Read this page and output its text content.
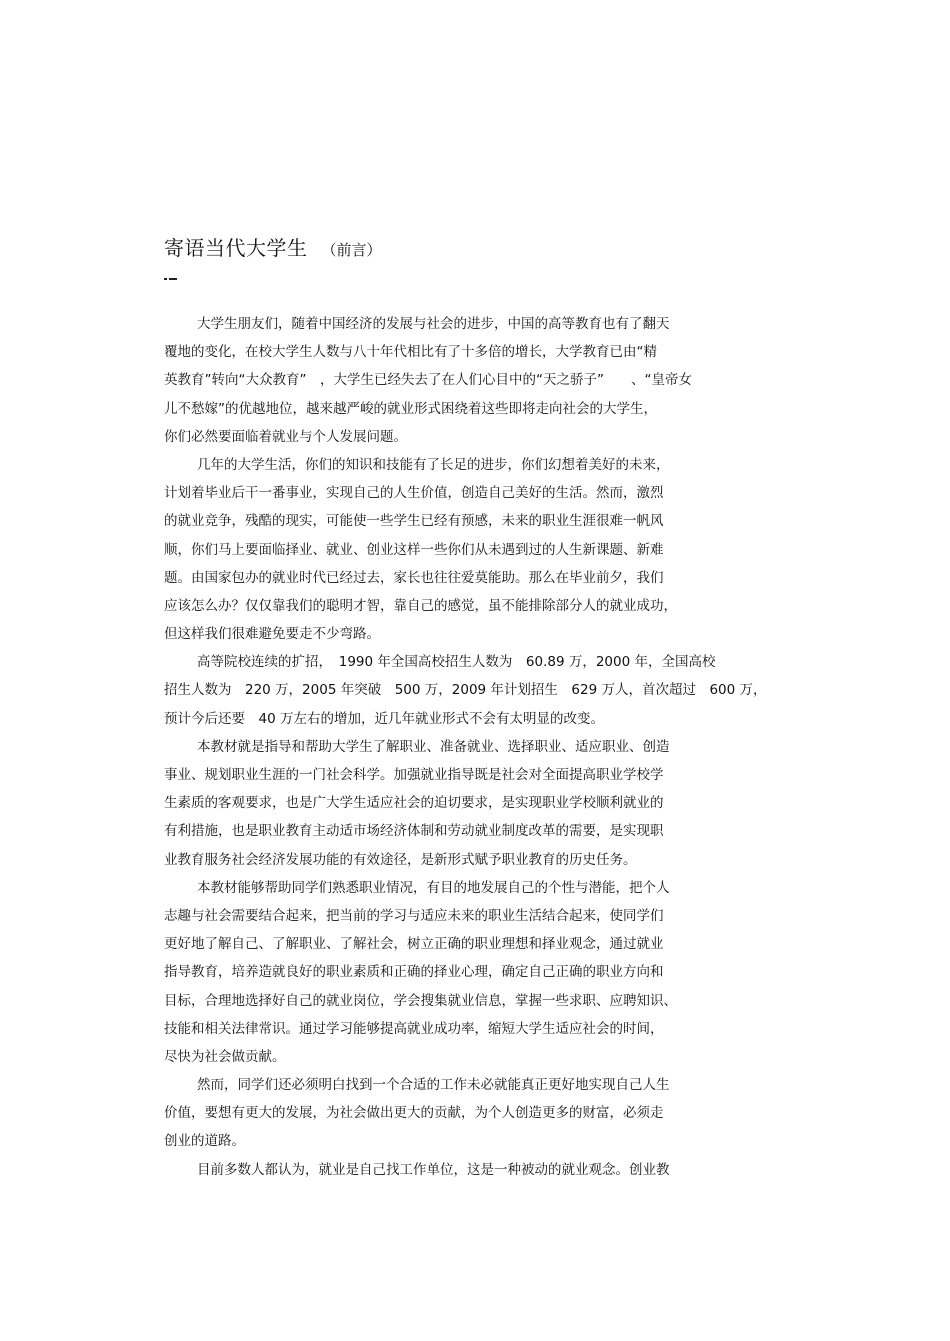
寄语当代大学生 （前言）
大学生朋友们，随着中国经济的发展与社会的进步，中国的高等教育也有了翻天
覆地的变化，在校大学生人数与八十年代相比有了十多倍的增长，大学教育已由“精
英教育”转向“大众教育”　，大学生已经失去了在人们心目中的“天之骄子”　　、“皇帝女
儿不愁嫁”的优越地位，越来越严峻的就业形式困绕着这些即将走向社会的大学生，
你们必然要面临着就业与个人发展问题。
几年的大学生活，你们的知识和技能有了长足的进步，你们幻想着美好的未来，
计划着毕业后干一番事业，实现自己的人生价值，创造自己美好的生活。然而，激烈
的就业竞争，残酷的现实，可能使一些学生已经有预感，未来的职业生涯很难一帆风
顺，你们马上要面临择业、就业、创业这样一些你们从未遇到过的人生新课题、新难
题。由国家包办的就业时代已经过去，家长也往往爱莫能助。那么在毕业前夕，我们
应该怎么办？仅仅靠我们的聪明才智，靠自己的感觉，虽不能排除部分人的就业成功，
但这样我们很难避免要走不少弯路。
高等院校连续的扩招，　1990 年全国高校招生人数为　60.89 万，2000 年，全国高校
招生人数为　220 万，2005 年突破　500 万，2009 年计划招生　629 万人，首次超过　600 万，
预计今后还要　40 万左右的增加，近几年就业形式不会有太明显的改变。
本教材就是指导和帮助大学生了解职业、准备就业、选择职业、适应职业、创造
事业、规划职业生涯的一门社会科学。加强就业指导既是社会对全面提高职业学校学
生素质的客观要求，也是广大学生适应社会的迫切要求，是实现职业学校顺利就业的
有利措施，也是职业教育主动适市场经济体制和劳动就业制度改革的需要，是实现职
业教育服务社会经济发展功能的有效途径，是新形式赋予职业教育的历史任务。
本教材能够帮助同学们熟悉职业情况，有目的地发展自己的个性与潜能，把个人
志趣与社会需要结合起来，把当前的学习与适应未来的职业生活结合起来，使同学们
更好地了解自己、了解职业、了解社会，树立正确的职业理想和择业观念，通过就业
指导教育，培养造就良好的职业素质和正确的择业心理，确定自己正确的职业方向和
目标，合理地选择好自己的就业岗位，学会搜集就业信息，掌握一些求职、应聘知识、
技能和相关法律常识。通过学习能够提高就业成功率，缩短大学生适应社会的时间，
尽快为社会做贡献。
然而，同学们还必须明白找到一个合适的工作未必就能真正更好地实现自己人生
价值，要想有更大的发展，为社会做出更大的贡献，为个人创造更多的财富，必须走
创业的道路。
目前多数人都认为，就业是自己找工作单位，这是一种被动的就业观念。创业教
